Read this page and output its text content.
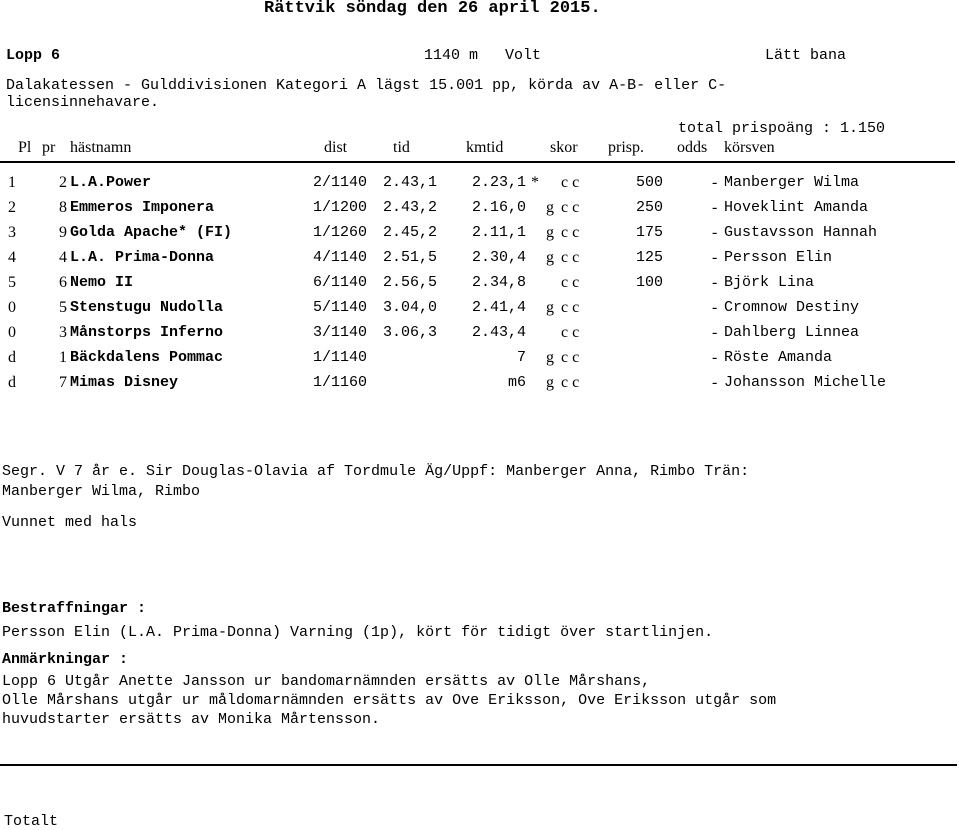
Rättvik söndag den 26 april 2015.
Lopp 6	1140 m Volt	Lätt bana
Dalakatessen - Gulddivisionen Kategori A lägst 15.001 pp, körda av A-B- eller C-
licensinnehavare.
total prispoäng : 1.150
Pl pr hästnamn	dist	tid	kmtid	skor prisp. odds körsven
1	2 L.A.Power	2/1140 2.43,1	2.23,1 * c c	500	- Manberger Wilma
2	8 Emmeros Imponera	1/1200 2.43,2	2.16,0 g c c	250	- Hoveklint Amanda
3	9 Golda Apache* (FI)	1/1260 2.45,2	2.11,1 g c c	175	- Gustavsson Hannah
4	4 L.A. Prima-Donna	4/1140 2.51,5	2.30,4 g c c	125	- Persson Elin
5	6 Nemo II	6/1140 2.56,5	2.34,8 c c	100	- Björk Lina
0	5 Stenstugu Nudolla	5/1140 3.04,0	2.41,4 g c c	- Cromnow Destiny
0	3 Månstorps Inferno	3/1140 3.06,3	2.43,4 c c	- Dahlberg Linnea
d	1 Bäckdalens Pommac	1/1140	7 g c c	- Röste Amanda
d	7 Mimas Disney	1/1160	m6 g c c	- Johansson Michelle
Segr. V 7 år e. Sir Douglas-Olavia af Tordmule Äg/Uppf: Manberger Anna, Rimbo Trän:
Manberger Wilma, Rimbo
Vunnet med hals
Bestraffningar :
Persson Elin (L.A. Prima-Donna) Varning (1p), kört för tidigt över startlinjen.
Anmärkningar :
Lopp 6 Utgår Anette Jansson ur bandomarnämnden ersätts av Olle Mårshans,
Olle Mårshans utgår ur måldomarnämnden ersätts av Ove Eriksson, Ove Eriksson utgår som
huvudstarter ersätts av Monika Mårtensson.
Totalt
